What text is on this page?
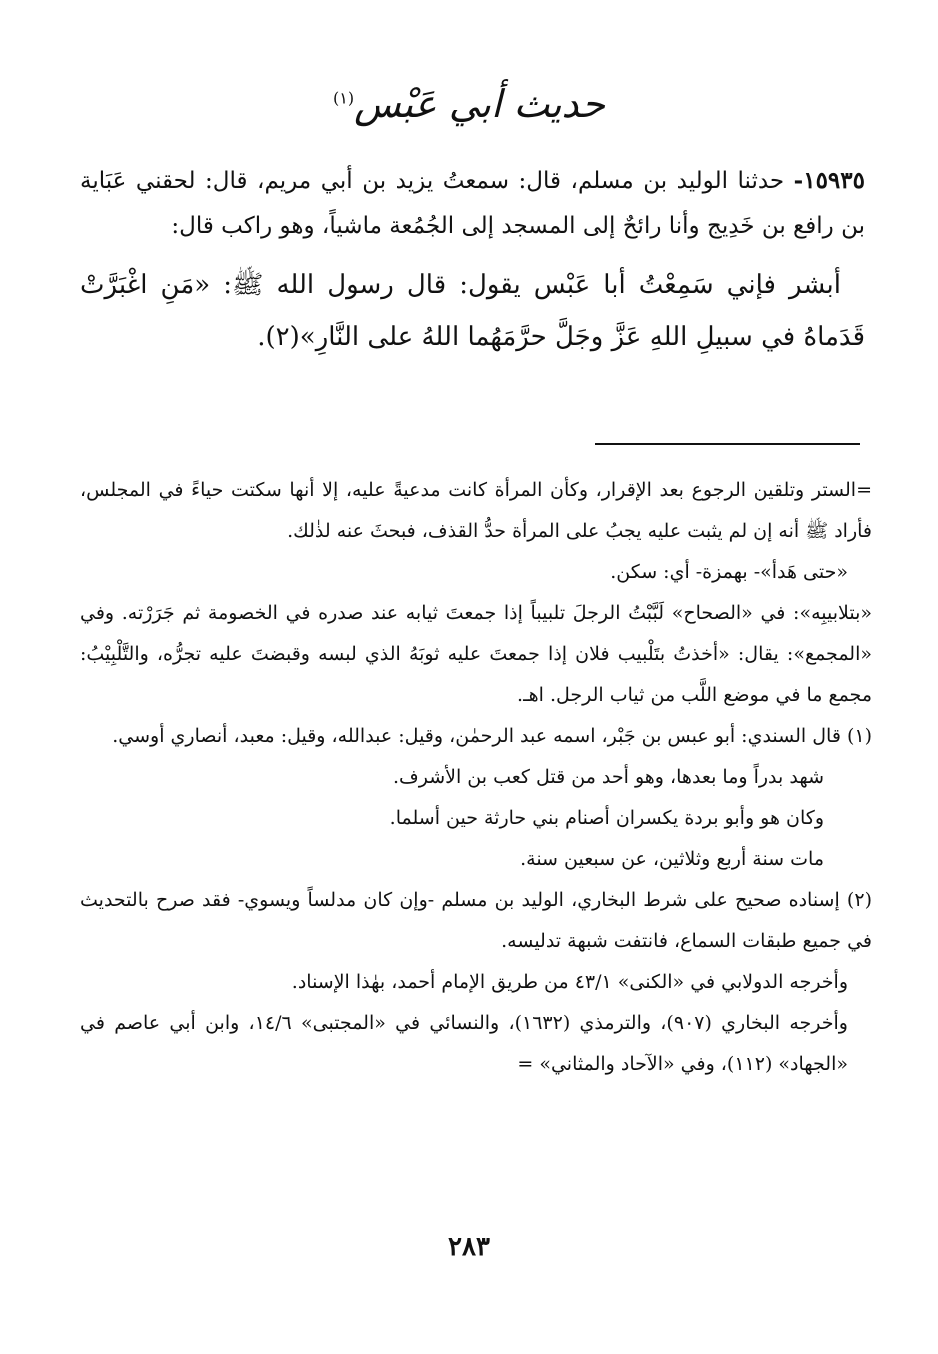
حديث أبي عَبْس$^{(١)}$

١٥٩٣٥- حدثنا الوليد بن مسلم، قال: سمعتُ يزيد بن أبي مريم، قال: لحقني عَبَاية بن رافع بن خَدِيج وأنا رائحٌ إلى المسجد إلى الجُمُعة ماشياً، وهو راكب قال:

أبشر فإني سَمِعْتُ أبا عَبْس يقول: قال رسول الله ﷺ: «مَنِ اغْبَرَّتْ قَدَماهُ في سبيلِ اللهِ عَزَّ وجَلَّ حرَّمَهُما اللهُ على النَّارِ»(٢).

=الستر وتلقين الرجوع بعد الإقرار، وكأن المرأة كانت مدعيةً عليه، إلا أنها سكتت حياءً في المجلس، فأراد ﷺ أنه إن لم يثبت عليه يجبُ على المرأة حدُّ القذف، فبحثَ عنه لذٰلك.

«حتى هَدأ»- بهمزة- أي: سكن.

«بتلابيبِه»: في «الصحاح» لَبَّبْتُ الرجلَ تلبيباً إذا جمعتَ ثيابه عند صدره في الخصومة ثم جَرَرْته. وفي «المجمع»: يقال: «أخذتُ بتَلْبيب فلان إذا جمعتَ عليه ثوبَهُ الذي لبسه وقبضتَ عليه تجرُّه، والتَّلْبِيْبُ: مجمع ما في موضع اللَّب من ثياب الرجل. اهـ.

(١) قال السندي: أبو عبس بن جَبْر، اسمه عبد الرحمٰن، وقيل: عبدالله، وقيل: معبد، أنصاري أوسي.

شهد بدراً وما بعدها، وهو أحد من قتل كعب بن الأشرف.

وكان هو وأبو بردة يكسران أصنام بني حارثة حين أسلما.

مات سنة أربع وثلاثين، عن سبعين سنة.

(٢) إسناده صحيح على شرط البخاري، الوليد بن مسلم -وإن كان مدلساً ويسوي- فقد صرح بالتحديث في جميع طبقات السماع، فانتفت شبهة تدليسه.

وأخرجه الدولابي في «الكنى» ٤٣/١ من طريق الإمام أحمد، بهٰذا الإسناد.

وأخرجه البخاري (٩٠٧)، والترمذي (١٦٣٢)، والنسائي في «المجتبى» ١٤/٦، وابن أبي عاصم في «الجهاد» (١١٢)، وفي «الآحاد والمثاني» =

٢٨٣
